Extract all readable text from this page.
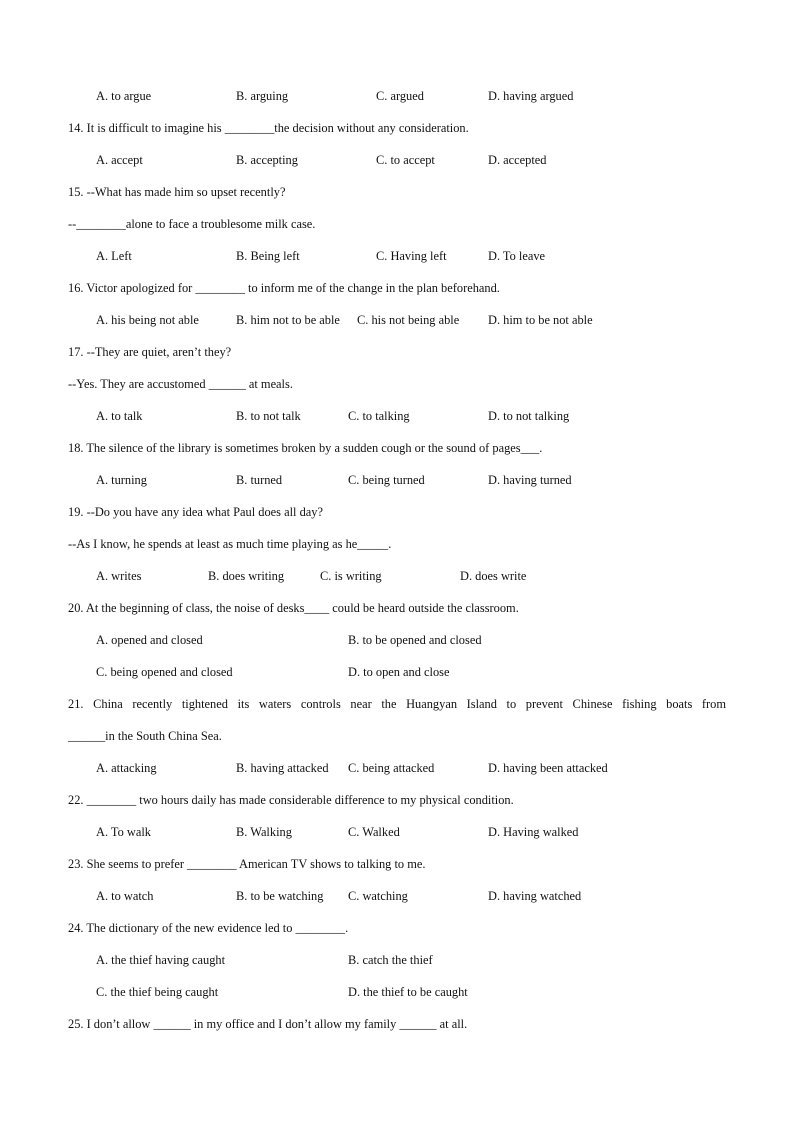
A. to argue	B. arguing	C. argued	D. having argued
14. It is difficult to imagine his ________the decision without any consideration.
A. accept	B. accepting	C. to accept	D. accepted
15. --What has made him so upset recently?
--________alone to face a troublesome milk case.
A. Left	B. Being left	C. Having left	D. To leave
16. Victor apologized for ________ to inform me of the change in the plan beforehand.
A. his being not able	B. him not to be able C. his not being able D. him to be not able
17. --They are quiet, aren’t they?
--Yes. They are accustomed ______ at meals.
A. to talk	B. to not talk	C. to talking	D. to not talking
18. The silence of the library is sometimes broken by a sudden cough or the sound of pages___.
A. turning	B. turned	C. being turned	D. having turned
19. --Do you have any idea what Paul does all day?
--As I know, he spends at least as much time playing as he_____.
A. writes	B. does writing	C. is writing	D. does write
20. At the beginning of class, the noise of desks____ could be heard outside the classroom.
A. opened and closed	B. to be opened and closed
C. being opened and closed	D. to open and close
21. China recently tightened its waters controls near the Huangyan Island to prevent Chinese fishing boats from
______in the South China Sea.
A. attacking	B. having attacked C. being attacked	D. having been attacked
22. ________ two hours daily has made considerable difference to my physical condition.
A. To walk	B. Walking	C. Walked	D. Having walked
23. She seems to prefer ________ American TV shows to talking to me.
A. to watch	B. to be watching C. watching	D. having watched
24. The dictionary of the new evidence led to ________.
A. the thief having caught	B. catch the thief
C. the thief being caught	D. the thief to be caught
25. I don’t allow ______ in my office and I don’t allow my family ______ at all.
